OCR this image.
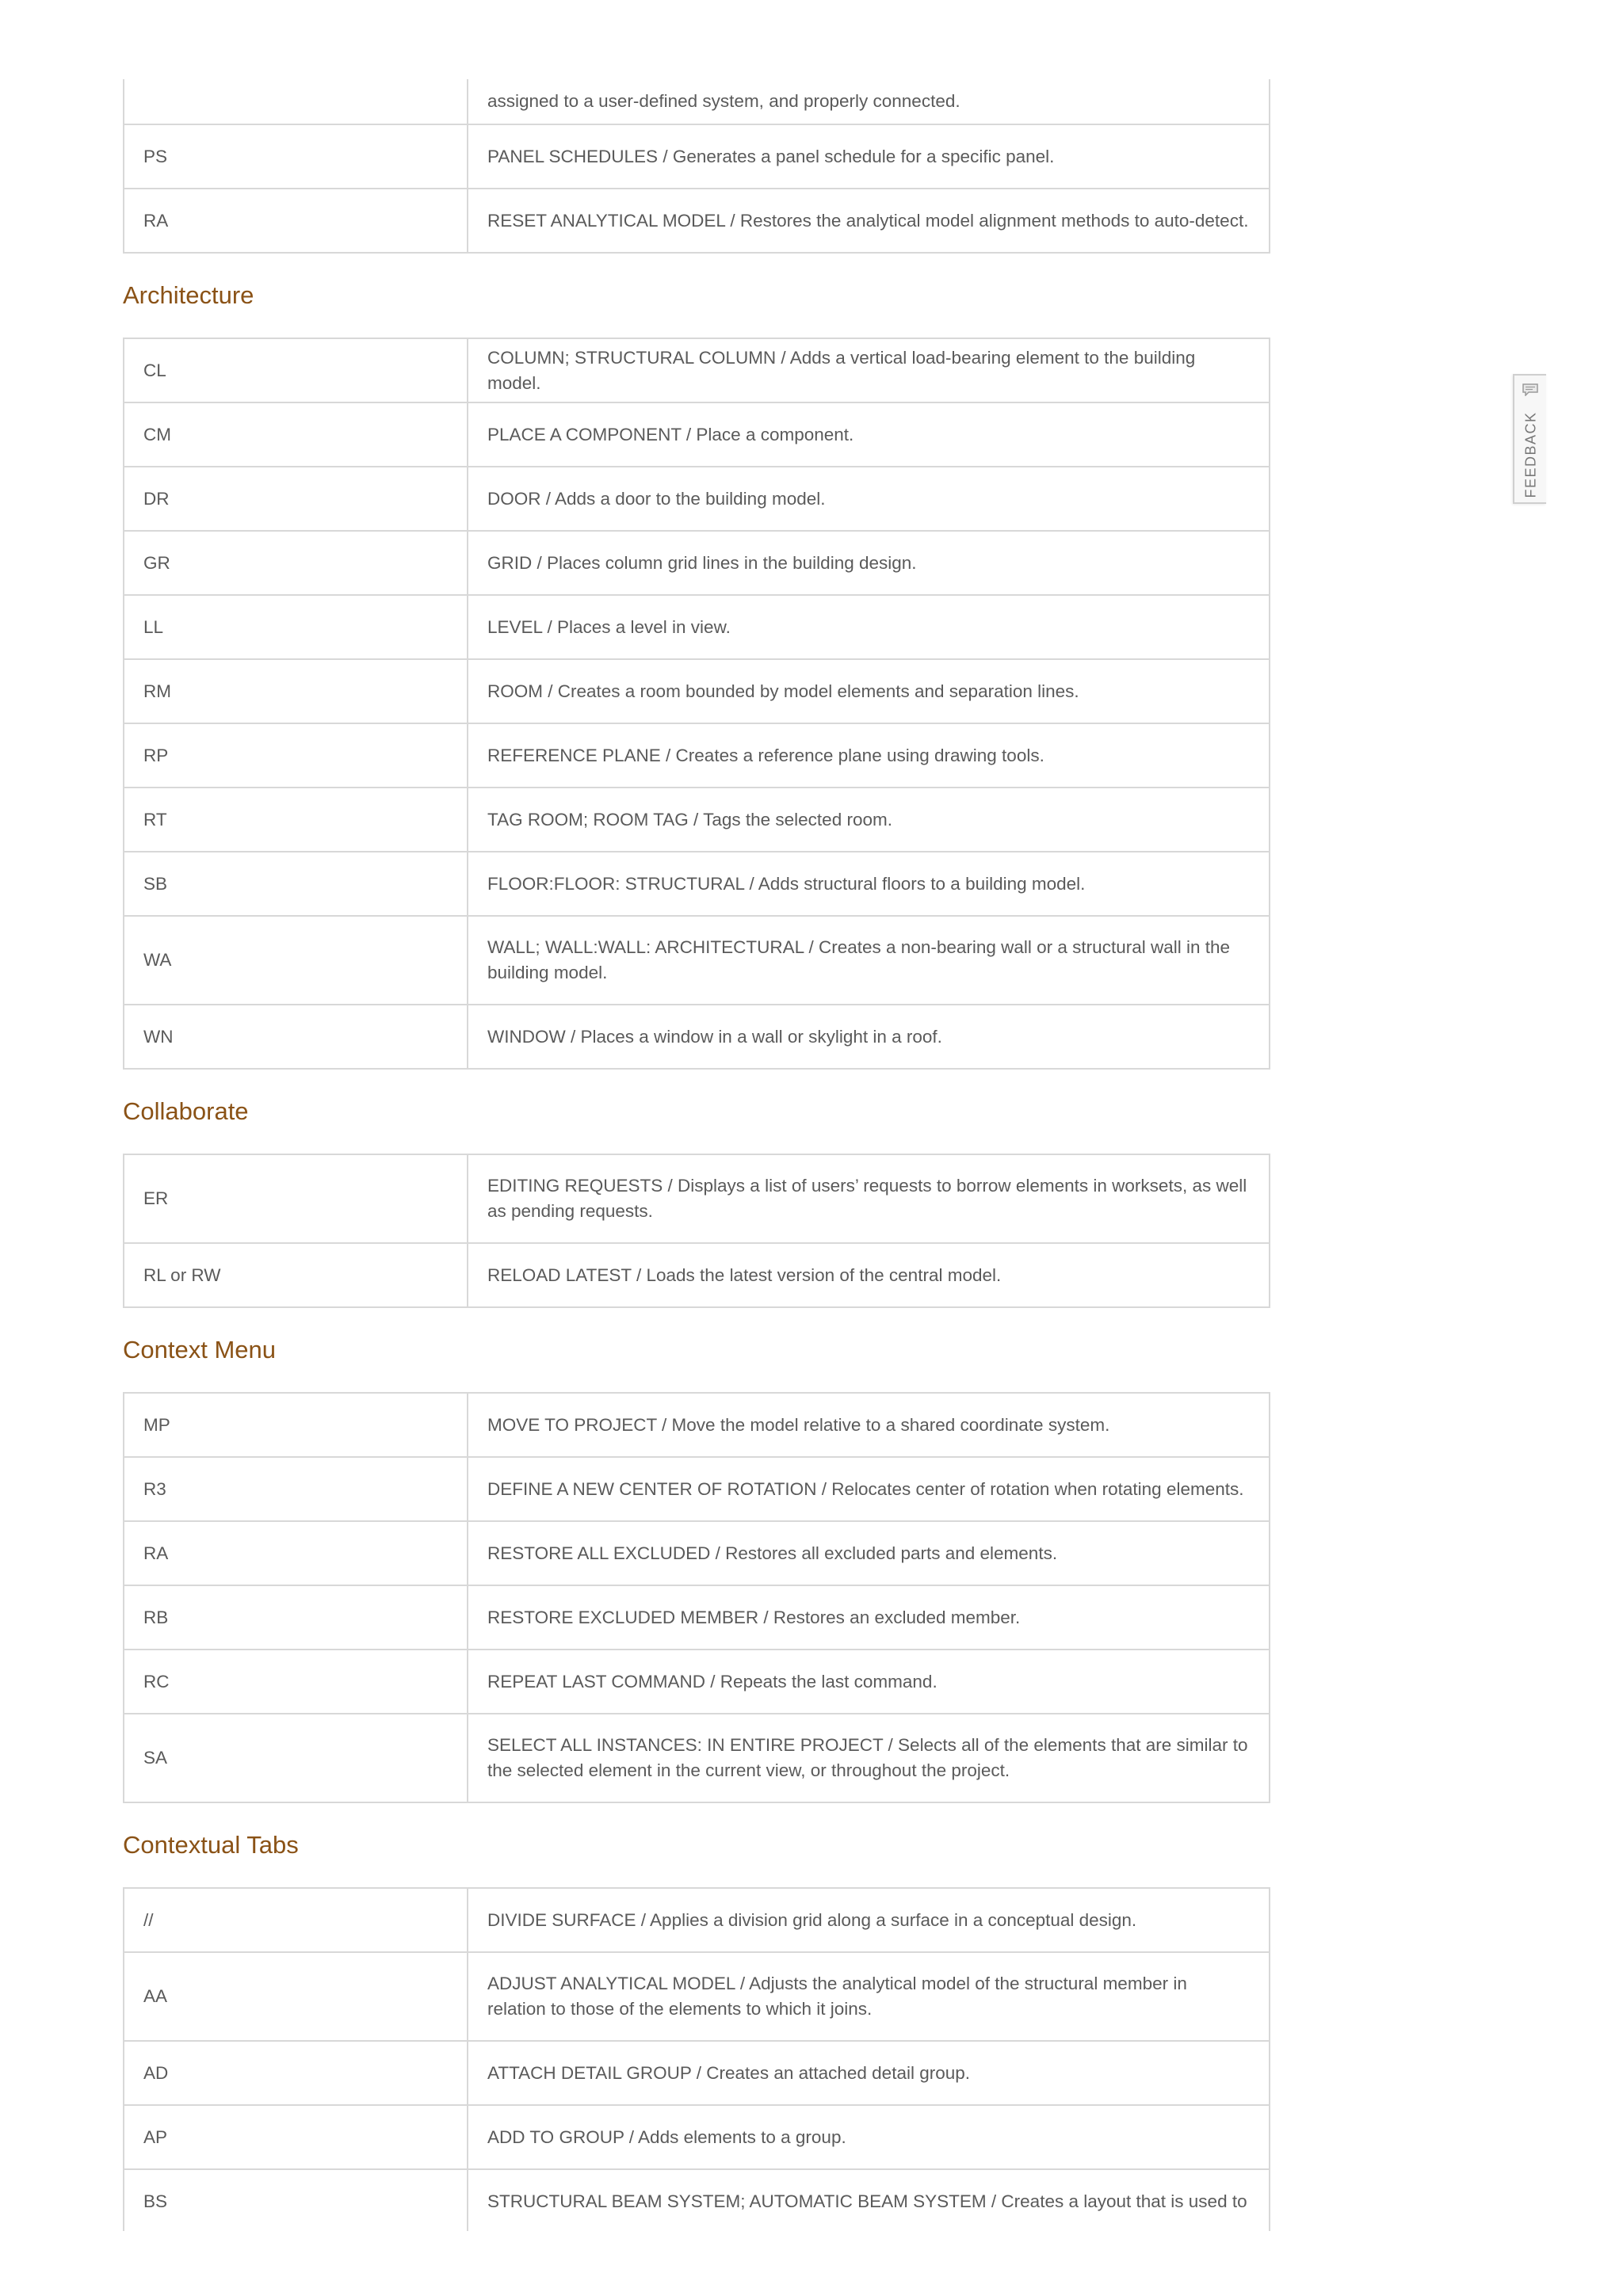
	assigned to a user-defined system, and properly connected.
PS	PANEL SCHEDULES / Generates a panel schedule for a specific panel.
RA	RESET ANALYTICAL MODEL / Restores the analytical model alignment methods to auto-detect.
Architecture
CL	COLUMN; STRUCTURAL COLUMN / Adds a vertical load-bearing element to the building model.
CM	PLACE A COMPONENT / Place a component.
DR	DOOR / Adds a door to the building model.
GR	GRID / Places column grid lines in the building design.
LL	LEVEL / Places a level in view.
RM	ROOM / Creates a room bounded by model elements and separation lines.
RP	REFERENCE PLANE / Creates a reference plane using drawing tools.
RT	TAG ROOM; ROOM TAG / Tags the selected room.
SB	FLOOR:FLOOR: STRUCTURAL / Adds structural floors to a building model.
WA	WALL; WALL:WALL: ARCHITECTURAL / Creates a non-bearing wall or a structural wall in the building model.
WN	WINDOW / Places a window in a wall or skylight in a roof.
Collaborate
ER	EDITING REQUESTS / Displays a list of users’ requests to borrow elements in worksets, as well as pending requests.
RL or RW	RELOAD LATEST / Loads the latest version of the central model.
Context Menu
MP	MOVE TO PROJECT / Move the model relative to a shared coordinate system.
R3	DEFINE A NEW CENTER OF ROTATION / Relocates center of rotation when rotating elements.
RA	RESTORE ALL EXCLUDED / Restores all excluded parts and elements.
RB	RESTORE EXCLUDED MEMBER / Restores an excluded member.
RC	REPEAT LAST COMMAND / Repeats the last command.
SA	SELECT ALL INSTANCES: IN ENTIRE PROJECT / Selects all of the elements that are similar to the selected element in the current view, or throughout the project.
Contextual Tabs
//	DIVIDE SURFACE / Applies a division grid along a surface in a conceptual design.
AA	ADJUST ANALYTICAL MODEL / Adjusts the analytical model of the structural member in relation to those of the elements to which it joins.
AD	ATTACH DETAIL GROUP / Creates an attached detail group.
AP	ADD TO GROUP / Adds elements to a group.
BS	STRUCTURAL BEAM SYSTEM; AUTOMATIC BEAM SYSTEM / Creates a layout that is used to
FEEDBACK
